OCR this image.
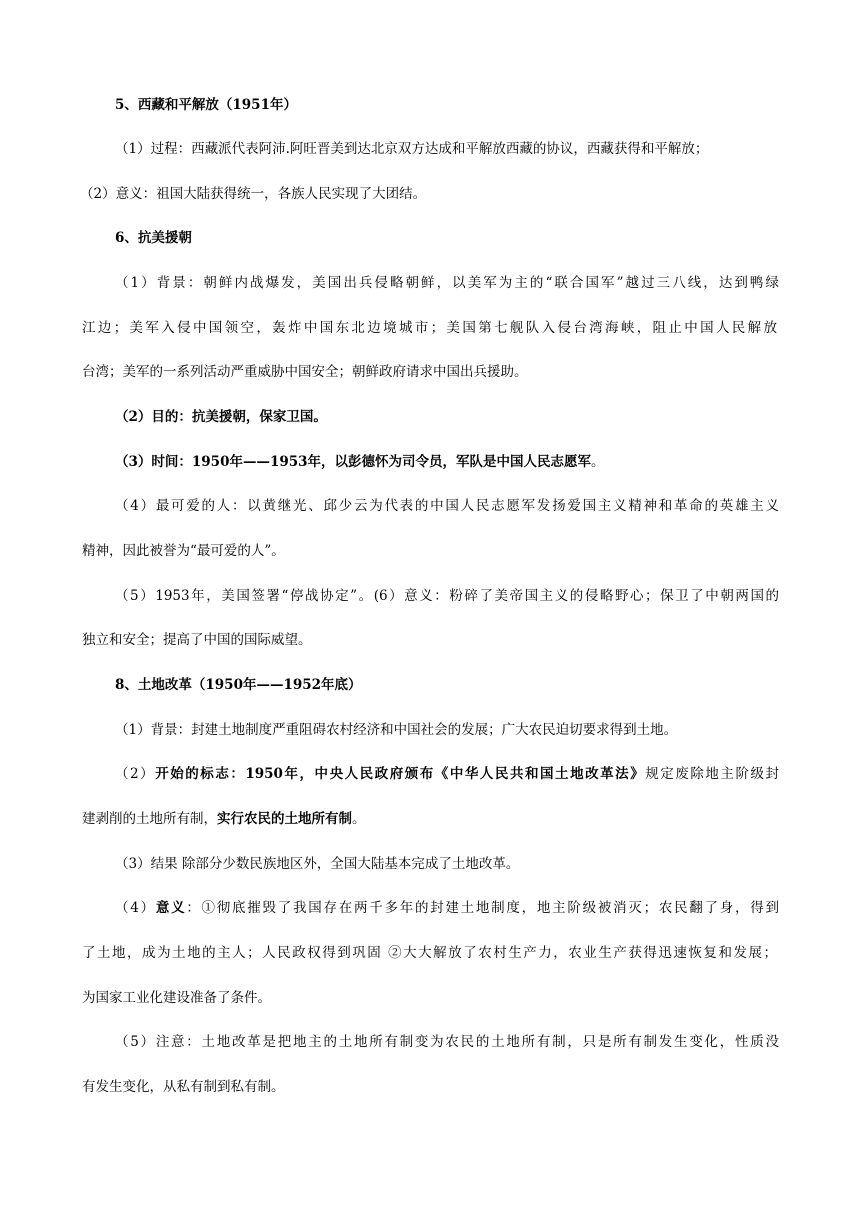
5、西藏和平解放（1951年）
（1）过程：西藏派代表阿沛.阿旺晋美到达北京双方达成和平解放西藏的协议，西藏获得和平解放；
（2）意义：祖国大陆获得统一，各族人民实现了大团结。
6、抗美援朝
（1）背景：朝鲜内战爆发，美国出兵侵略朝鲜，以美军为主的“联合国军”越过三八线，达到鸭绿
江边；美军入侵中国领空，轰炸中国东北边境城市；美国第七舰队入侵台湾海峡，阻止中国人民解放
台湾；美军的一系列活动严重威胁中国安全；朝鲜政府请求中国出兵援助。
（2）目的：抗美援朝，保家卫国。
（3）时间：1950年——1953年，以彭德怀为司令员，军队是中国人民志愿军。
（4）最可爱的人：以黄继光、邱少云为代表的中国人民志愿军发扬爱国主义精神和革命的英雄主义
精神，因此被誉为“最可爱的人”。
（5）1953年，美国签署“停战协定”。(6）意义：粉碎了美帝国主义的侵略野心；保卫了中朝两国的
独立和安全；提高了中国的国际威望。
8、土地改革（1950年——1952年底）
（1）背景：封建土地制度严重阻碍农村经济和中国社会的发展；广大农民迫切要求得到土地。
（2）开始的标志：1950年，中央人民政府颁布《中华人民共和国土地改革法》规定废除地主阶级封
建剥削的土地所有制，实行农民的土地所有制。
（3）结果 除部分少数民族地区外，全国大陆基本完成了土地改革。
（4）意义：①彻底摧毁了我国存在两千多年的封建土地制度，地主阶级被消灭；农民翻了身，得到
了土地，成为土地的主人；人民政权得到巩固 ②大大解放了农村生产力，农业生产获得迅速恢复和发展；
为国家工业化建设准备了条件。
（5）注意：土地改革是把地主的土地所有制变为农民的土地所有制，只是所有制发生变化，性质没
有发生变化，从私有制到私有制。
